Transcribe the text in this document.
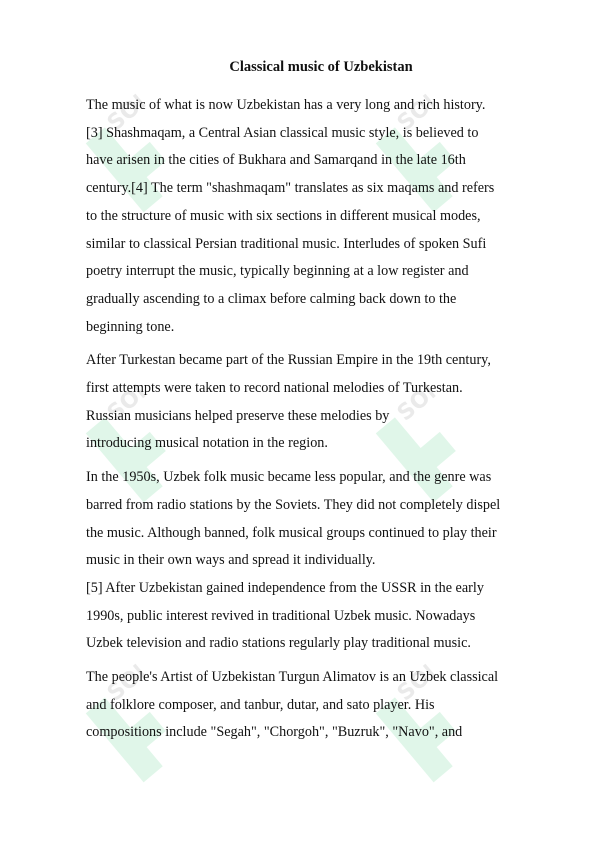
SOFF	SOFF
SOFF	SOFF
SOFF	SOFF
Classical music of Uzbekistan

The music of what is now Uzbekistan has a very long and rich history.
[3] Shashmaqam, a Central Asian classical music style, is believed to
have arisen in the cities of Bukhara and Samarqand in the late 16th
century.[4] The term "shashmaqam" translates as six maqams and refers
to the structure of music with six sections in different musical modes,
similar to classical Persian traditional music. Interludes of spoken Sufi
poetry interrupt the music, typically beginning at a low register and
gradually ascending to a climax before calming back down to the
beginning tone.

After Turkestan became part of the Russian Empire in the 19th century,
first attempts were taken to record national melodies of Turkestan.
Russian musicians helped preserve these melodies by
introducing musical notation in the region.

In the 1950s, Uzbek folk music became less popular, and the genre was
barred from radio stations by the Soviets. They did not completely dispel
the music. Although banned, folk musical groups continued to play their
music in their own ways and spread it individually.
[5] After Uzbekistan gained independence from the USSR in the early
1990s, public interest revived in traditional Uzbek music. Nowadays
Uzbek television and radio stations regularly play traditional music.

The people's Artist of Uzbekistan Turgun Alimatov is an Uzbek classical
and folklore composer, and tanbur, dutar, and sato player. His
compositions include "Segah", "Chorgoh", "Buzruk", "Navo", and
